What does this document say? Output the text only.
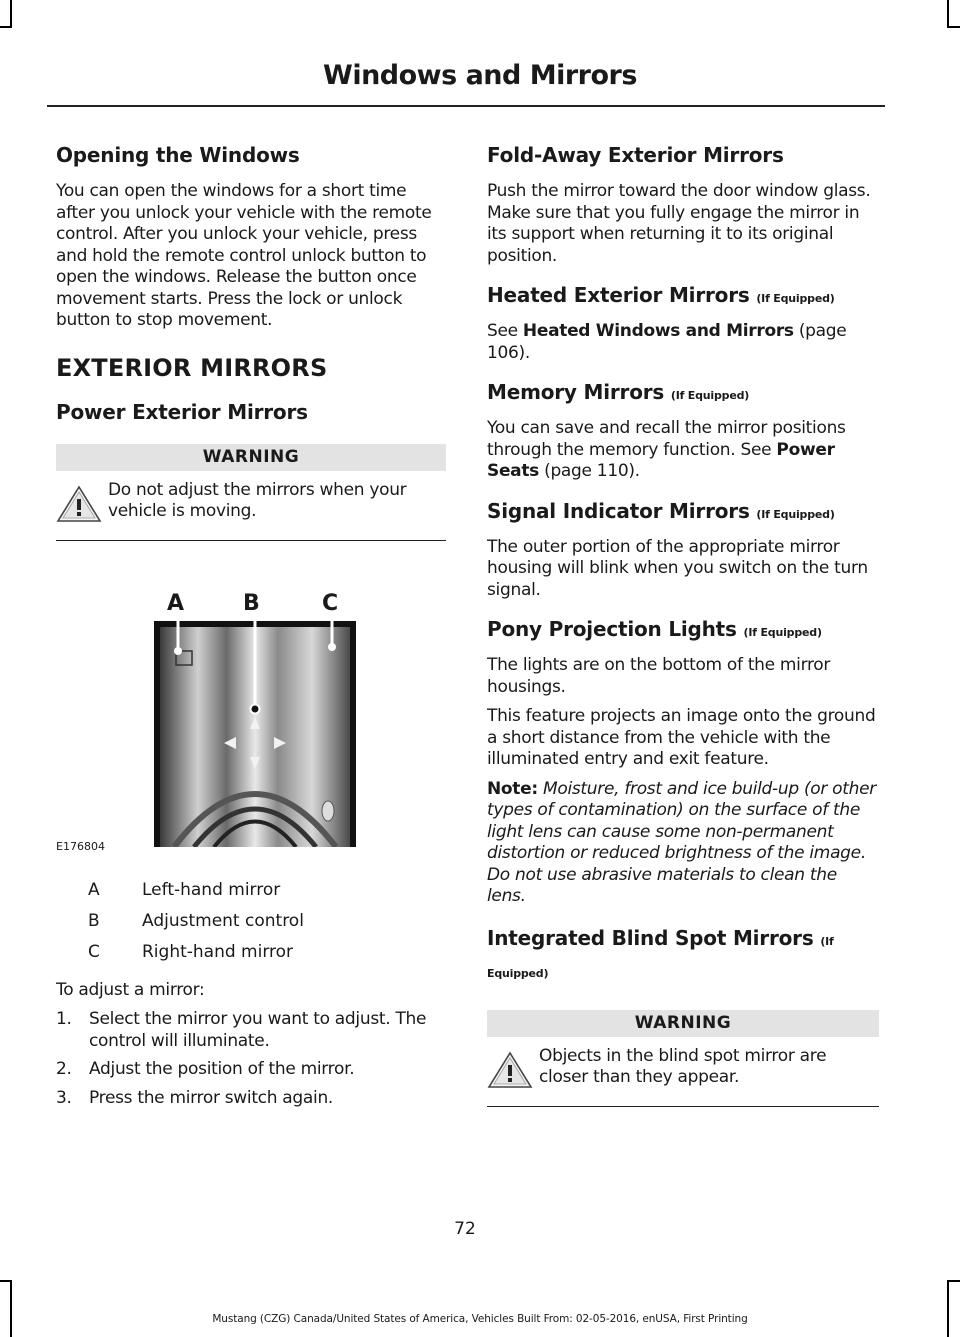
Windows and Mirrors
Opening the Windows
You can open the windows for a short time after you unlock your vehicle with the remote control. After you unlock your vehicle, press and hold the remote control unlock button to open the windows. Release the button once movement starts. Press the lock or unlock button to stop movement.
EXTERIOR MIRRORS
Power Exterior Mirrors
WARNING
Do not adjust the mirrors when your vehicle is moving.
A	B	C
E176804
A	Left-hand mirror
B	Adjustment control
C	Right-hand mirror
To adjust a mirror:
1.	Select the mirror you want to adjust. The control will illuminate.
2.	Adjust the position of the mirror.
3.	Press the mirror switch again.
Fold-Away Exterior Mirrors
Push the mirror toward the door window glass. Make sure that you fully engage the mirror in its support when returning it to its original position.
Heated Exterior Mirrors (If Equipped)
See Heated Windows and Mirrors (page 106).
Memory Mirrors (If Equipped)
You can save and recall the mirror positions through the memory function. See Power Seats (page 110).
Signal Indicator Mirrors (If Equipped)
The outer portion of the appropriate mirror housing will blink when you switch on the turn signal.
Pony Projection Lights (If Equipped)
The lights are on the bottom of the mirror housings.
This feature projects an image onto the ground a short distance from the vehicle with the illuminated entry and exit feature.
Note: Moisture, frost and ice build-up (or other types of contamination) on the surface of the light lens can cause some non-permanent distortion or reduced brightness of the image. Do not use abrasive materials to clean the lens.
Integrated Blind Spot Mirrors (If
Equipped)
WARNING
Objects in the blind spot mirror are closer than they appear.
72
Mustang (CZG) Canada/United States of America, Vehicles Built From: 02-05-2016, enUSA, First Printing
